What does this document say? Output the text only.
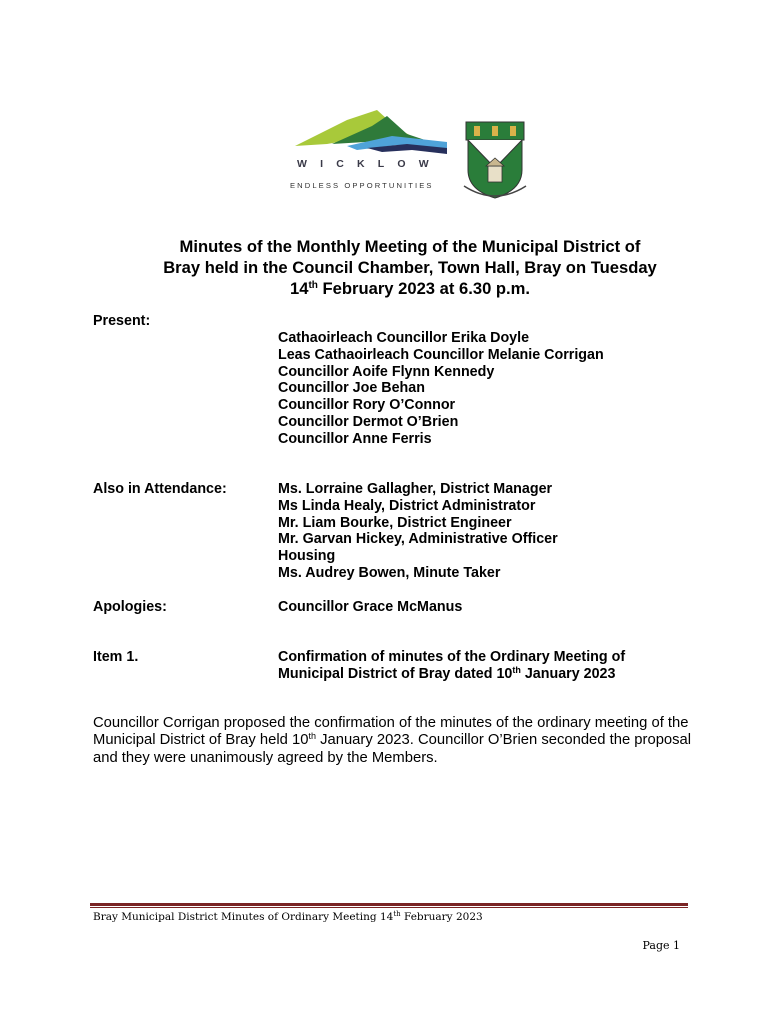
WICKLOW
ENDLESS OPPORTUNITIES
Minutes of the Monthly Meeting of the Municipal District of
Bray held in the Council Chamber, Town Hall, Bray on Tuesday
14th February 2023 at 6.30 p.m.
Present:
Cathaoirleach Councillor Erika Doyle
Leas Cathaoirleach Councillor Melanie Corrigan
Councillor Aoife Flynn Kennedy
Councillor Joe Behan
Councillor Rory O’Connor
Councillor Dermot O’Brien
Councillor Anne Ferris
Also in Attendance:	Ms. Lorraine Gallagher, District Manager
Ms Linda Healy, District Administrator
Mr. Liam Bourke, District Engineer
Mr. Garvan Hickey, Administrative Officer
Housing
Ms. Audrey Bowen, Minute Taker
Apologies:	Councillor Grace McManus
Item 1.	Confirmation of minutes of the Ordinary Meeting of
Municipal District of Bray dated 10th January 2023
Councillor Corrigan proposed the confirmation of the minutes of the ordinary meeting of the Municipal District of Bray held 10th January 2023. Councillor O’Brien seconded the proposal and they were unanimously agreed by the Members.
Bray Municipal District Minutes of Ordinary Meeting 14th February 2023
Page 1
